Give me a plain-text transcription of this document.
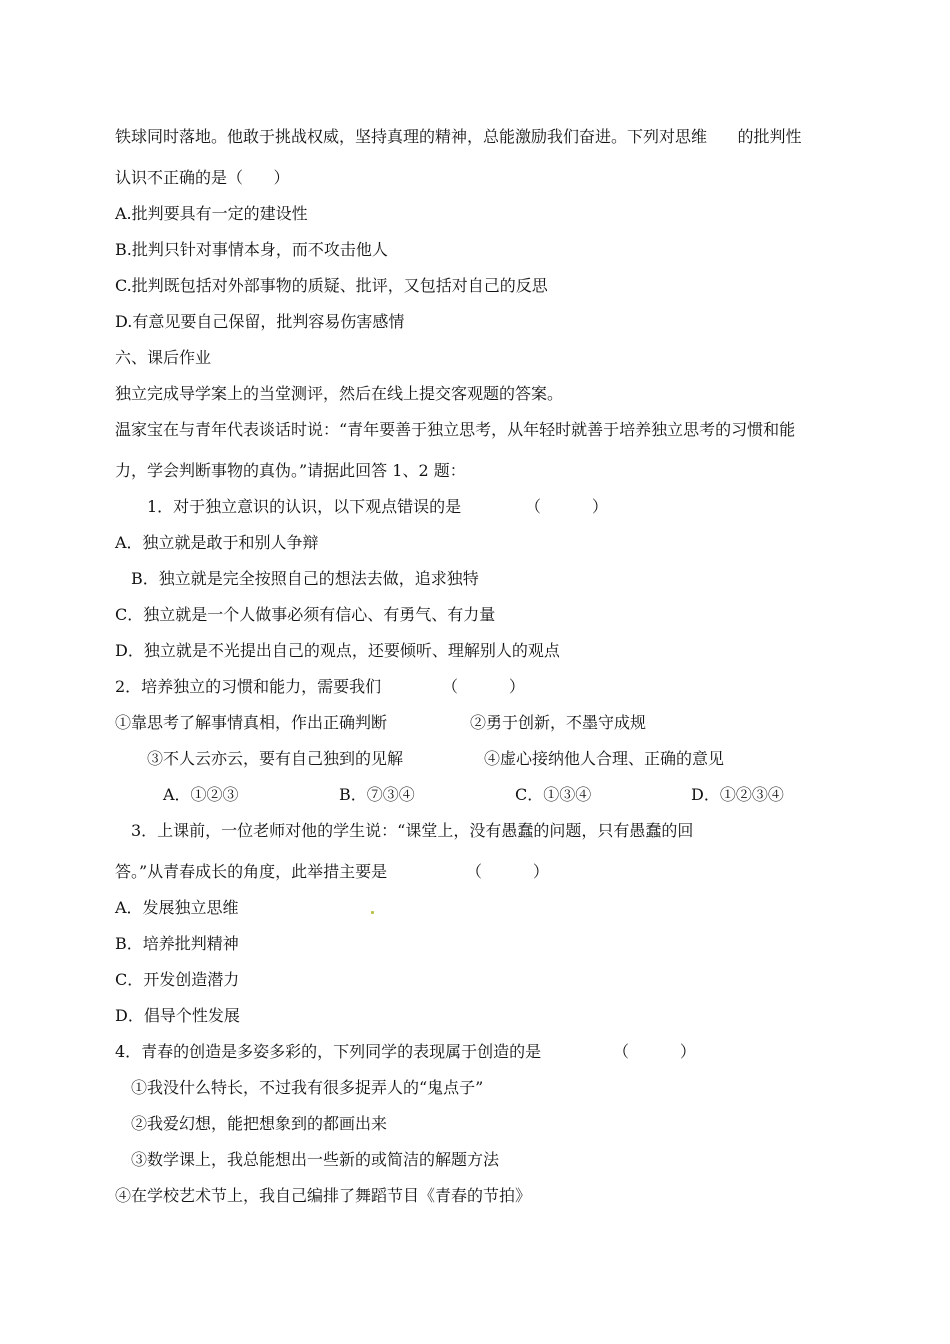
铁球同时落地。他敢于挑战权威，坚持真理的精神，总能激励我们奋进。下列对思维      的批判性
认识不正确的是（      ）
A.批判要具有一定的建设性
B.批判只针对事情本身，而不攻击他人
C.批判既包括对外部事物的质疑、批评，又包括对自己的反思
D.有意见要自己保留，批判容易伤害感情
六、课后作业
独立完成导学案上的当堂测评，然后在线上提交客观题的答案。
温家宝在与青年代表谈话时说：“青年要善于独立思考，从年轻时就善于培养独立思考的习惯和能
力，学会判断事物的真伪。”请据此回答 1、2 题：
1．对于独立意识的认识，以下观点错误的是	（          ）
A．独立就是敢于和别人争辩
B．独立就是完全按照自己的想法去做，追求独特
C．独立就是一个人做事必须有信心、有勇气、有力量
D．独立就是不光提出自己的观点，还要倾听、理解别人的观点
2．培养独立的习惯和能力，需要我们	（          ）
①靠思考了解事情真相，作出正确判断	②勇于创新，不墨守成规
③不人云亦云，要有自己独到的见解	④虚心接纳他人合理、正确的意见
A．①②③	B．⑦③④	C．①③④	D．①②③④
3．上课前，一位老师对他的学生说：“课堂上，没有愚蠢的问题，只有愚蠢的回
答。”从青春成长的角度，此举措主要是	（          ）
A．发展独立思维
B．培养批判精神
C．开发创造潜力
D．倡导个性发展
4．青春的创造是多姿多彩的，下列同学的表现属于创造的是	（          ）
①我没什么特长，不过我有很多捉弄人的“鬼点子”
②我爱幻想，能把想象到的都画出来
③数学课上，我总能想出一些新的或简洁的解题方法
④在学校艺术节上，我自己编排了舞蹈节目《青春的节拍》
